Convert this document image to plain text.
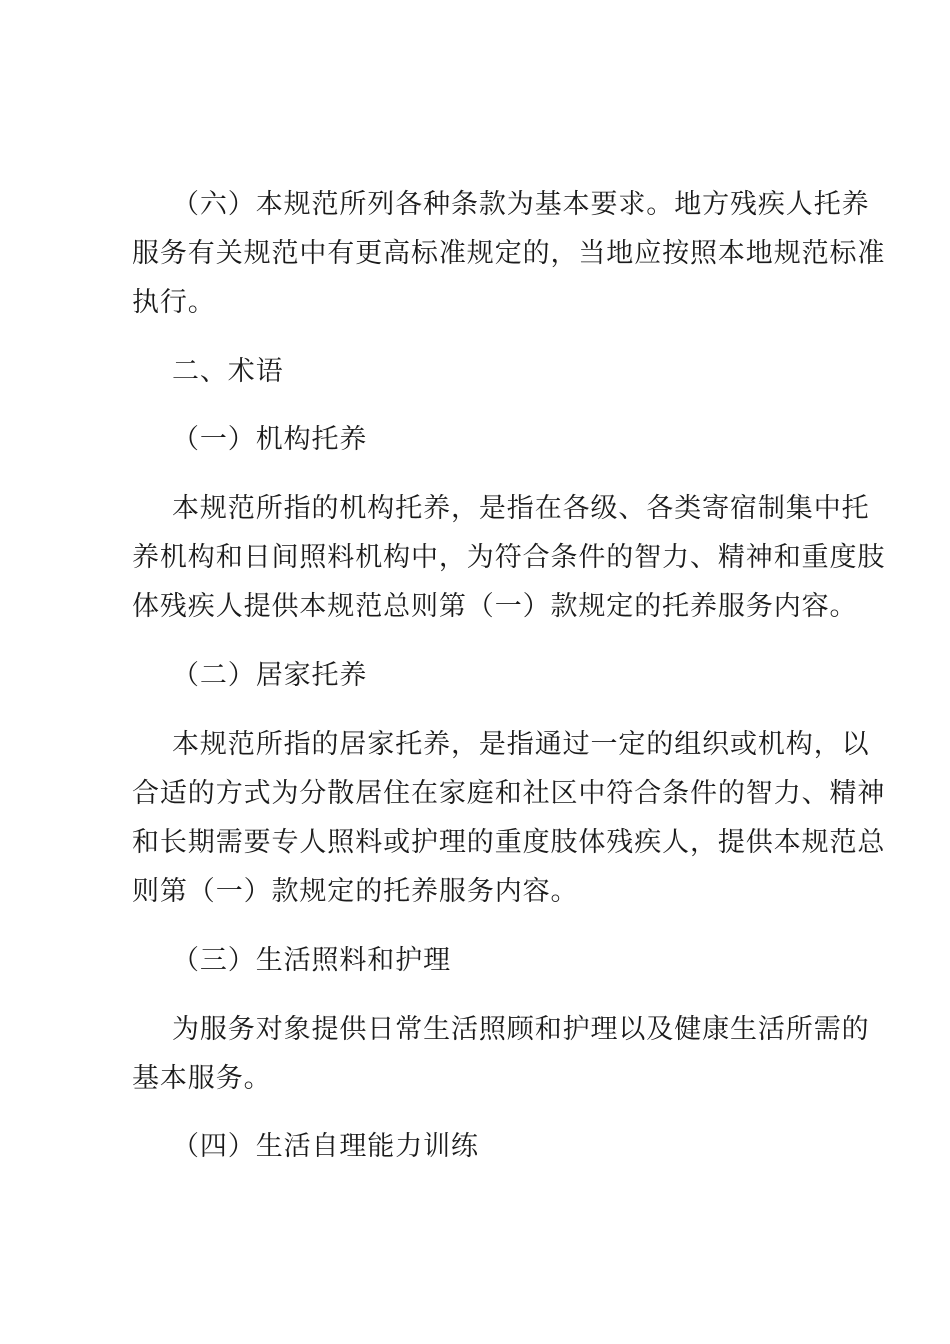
（六）本规范所列各种条款为基本要求。地方残疾人托养
服务有关规范中有更高标准规定的，当地应按照本地规范标准
执行。
二、术语
（一）机构托养
本规范所指的机构托养，是指在各级、各类寄宿制集中托
养机构和日间照料机构中，为符合条件的智力、精神和重度肢
体残疾人提供本规范总则第（一）款规定的托养服务内容。
（二）居家托养
本规范所指的居家托养，是指通过一定的组织或机构，以
合适的方式为分散居住在家庭和社区中符合条件的智力、精神
和长期需要专人照料或护理的重度肢体残疾人，提供本规范总
则第（一）款规定的托养服务内容。
（三）生活照料和护理
为服务对象提供日常生活照顾和护理以及健康生活所需的
基本服务。
（四）生活自理能力训练
